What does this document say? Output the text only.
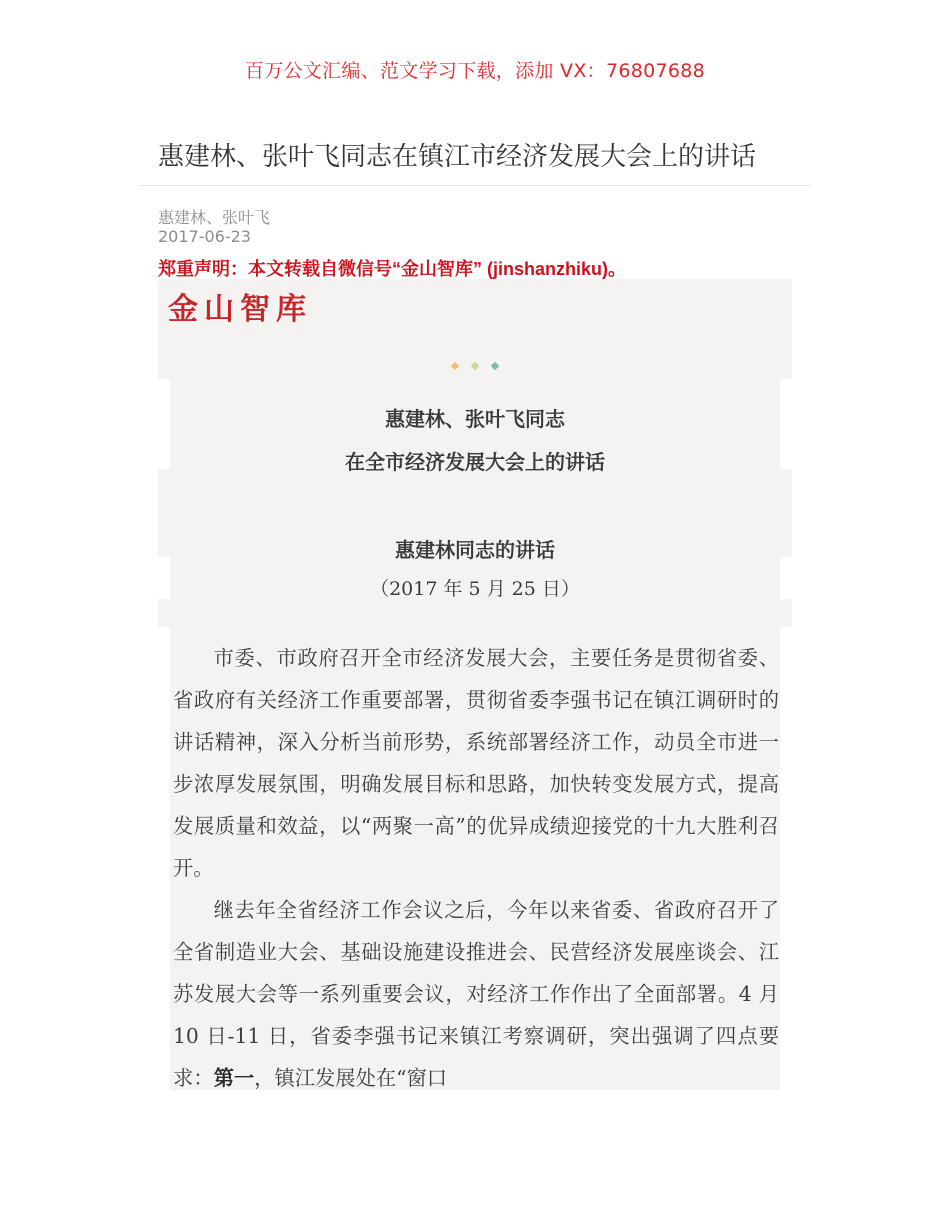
百万公文汇编、范文学习下载，添加 VX：76807688
惠建林、张叶飞同志在镇江市经济发展大会上的讲话
惠建林、张叶飞
2017-06-23
郑重声明：本文转载自微信号“金山智库” (jinshanzhiku)。
金山智库
惠建林、张叶飞同志
在全市经济发展大会上的讲话
惠建林同志的讲话
（2017 年 5 月 25 日）

市委、市政府召开全市经济发展大会，主要任务是贯彻省委、省政府有关经济工作重要部署，贯彻省委李强书记在镇江调研时的讲话精神，深入分析当前形势，系统部署经济工作，动员全市进一步浓厚发展氛围，明确发展目标和思路，加快转变发展方式，提高发展质量和效益，以“两聚一高”的优异成绩迎接党的十九大胜利召开。

继去年全省经济工作会议之后，今年以来省委、省政府召开了全省制造业大会、基础设施建设推进会、民营经济发展座谈会、江苏发展大会等一系列重要会议，对经济工作作出了全面部署。4 月 10 日-11 日，省委李强书记来镇江考察调研，突出强调了四点要求：第一，镇江发展处在“窗口
